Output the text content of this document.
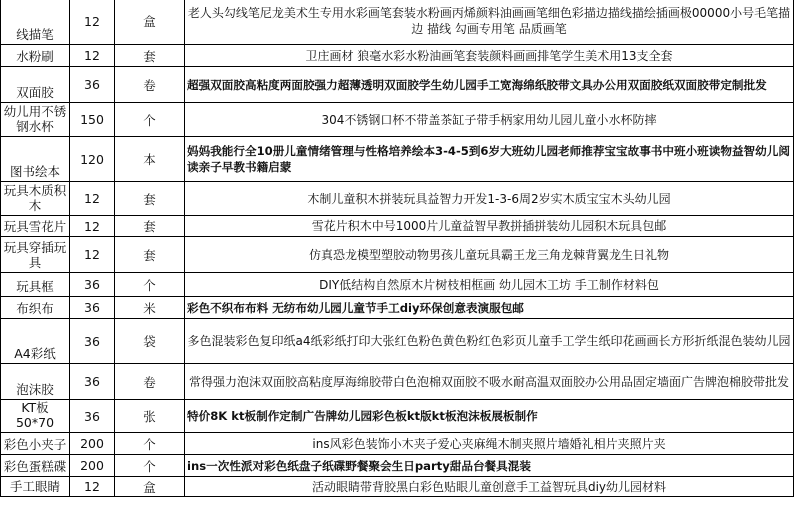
线描笔	12	盒	老人头勾线笔尼龙美术生专用水彩画笔套装水粉画丙烯颜料油画画笔细色彩描边描线描绘插画极00000小号毛笔描边 描线 勾画专用笔 品质画笔
水粉刷	12	套	卫庄画材 狼毫水彩水粉油画笔套装颜料画画排笔学生美术用13支全套
双面胶	36	卷	超强双面胶高粘度两面胶强力超薄透明双面胶学生幼儿园手工宽海绵纸胶带文具办公用双面胶纸双面胶带定制批发
幼儿用不锈钢水杯	150	个	304不锈钢口杯不带盖茶缸子带手柄家用幼儿园儿童小水杯防摔
图书绘本	120	本	妈妈我能行全10册儿童情绪管理与性格培养绘本3-4-5到6岁大班幼儿园老师推荐宝宝故事书中班小班读物益智幼儿阅读亲子早教书籍启蒙
玩具木质积木	12	套	木制儿童积木拼装玩具益智力开发1-3-6周2岁实木质宝宝木头幼儿园
玩具雪花片	12	套	雪花片积木中号1000片儿童益智早教拼插拼装幼儿园积木玩具包邮
玩具穿插玩具	12	套	仿真恐龙模型塑胶动物男孩儿童玩具霸王龙三角龙棘背翼龙生日礼物
玩具框	36	个	DIY低结构自然原木片树枝相框画 幼儿园木工坊 手工制作材料包
布织布	36	米	彩色不织布布料 无纺布幼儿园儿童节手工diy环保创意表演服包邮
A4彩纸	36	袋	多色混装彩色复印纸a4纸彩纸打印大张红色粉色黄色粉红色彩页儿童手工学生纸印花画画长方形折纸混色装幼儿园
泡沫胶	36	卷	常得强力泡沫双面胶高粘度厚海绵胶带白色泡棉双面胶不吸水耐高温双面胶办公用品固定墙面广告牌泡棉胶带批发
KT板50*70	36	张	特价8K kt板制作定制广告牌幼儿园彩色板kt版kt板泡沫板展板制作
彩色小夹子	200	个	ins风彩色装饰小木夹子爱心夹麻绳木制夹照片墙婚礼相片夹照片夹
彩色蛋糕碟	200	个	ins一次性派对彩色纸盘子纸碟野餐聚会生日party甜品台餐具混装
手工眼睛	12	盒	活动眼睛带背胶黑白彩色贴眼儿童创意手工益智玩具diy幼儿园材料
